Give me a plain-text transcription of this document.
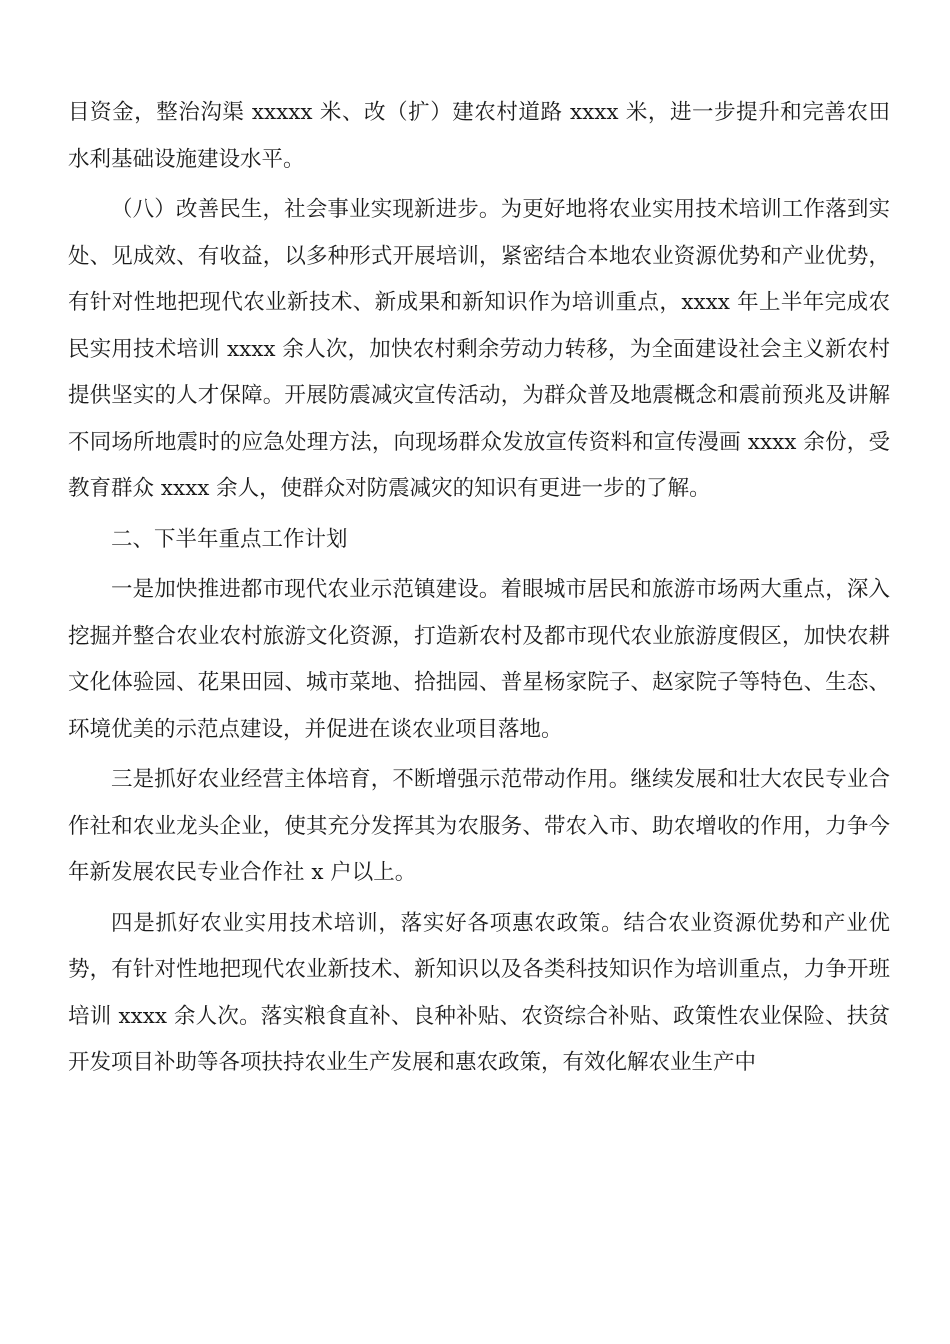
目资金，整治沟渠 xxxxx 米、改（扩）建农村道路 xxxx 米，进一步提升和完善农田水利基础设施建设水平。

（八）改善民生，社会事业实现新进步。为更好地将农业实用技术培训工作落到实处、见成效、有收益，以多种形式开展培训，紧密结合本地农业资源优势和产业优势，有针对性地把现代农业新技术、新成果和新知识作为培训重点，xxxx 年上半年完成农民实用技术培训 xxxx 余人次，加快农村剩余劳动力转移，为全面建设社会主义新农村提供坚实的人才保障。开展防震减灾宣传活动，为群众普及地震概念和震前预兆及讲解不同场所地震时的应急处理方法，向现场群众发放宣传资料和宣传漫画 xxxx 余份，受教育群众 xxxx 余人，使群众对防震减灾的知识有更进一步的了解。

二、下半年重点工作计划

一是加快推进都市现代农业示范镇建设。着眼城市居民和旅游市场两大重点，深入挖掘并整合农业农村旅游文化资源，打造新农村及都市现代农业旅游度假区，加快农耕文化体验园、花果田园、城市菜地、拾拙园、普星杨家院子、赵家院子等特色、生态、环境优美的示范点建设，并促进在谈农业项目落地。

三是抓好农业经营主体培育，不断增强示范带动作用。继续发展和壮大农民专业合作社和农业龙头企业，使其充分发挥其为农服务、带农入市、助农增收的作用，力争今年新发展农民专业合作社 x 户以上。

四是抓好农业实用技术培训，落实好各项惠农政策。结合农业资源优势和产业优势，有针对性地把现代农业新技术、新知识以及各类科技知识作为培训重点，力争开班培训 xxxx 余人次。落实粮食直补、良种补贴、农资综合补贴、政策性农业保险、扶贫开发项目补助等各项扶持农业生产发展和惠农政策，有效化解农业生产中
